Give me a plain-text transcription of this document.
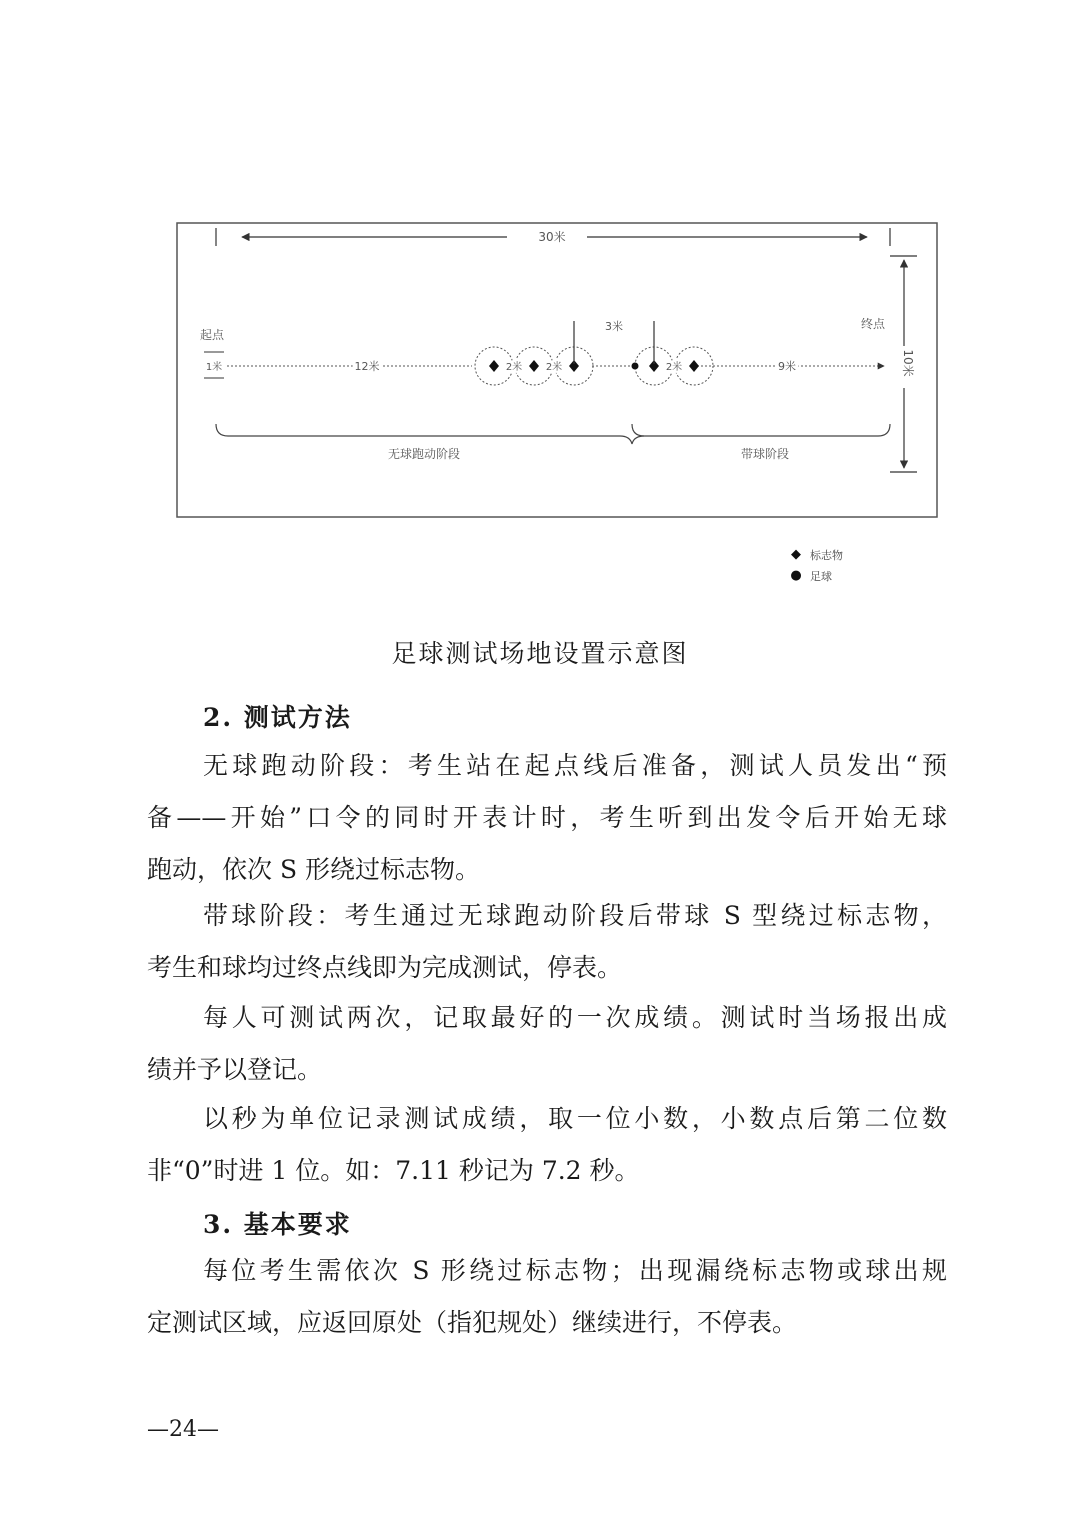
30米
10米
起点
1米
终点
12米	9米
2米 2米	2米
3米
无球跑动阶段	带球阶段
◆ 标志物
● 足球
足球测试场地设置示意图
2. 测试方法
无球跑动阶段：考生站在起点线后准备，测试人员发出“预
备——开始”口令的同时开表计时，考生听到出发令后开始无球
跑动，依次 S 形绕过标志物。
带球阶段：考生通过无球跑动阶段后带球 S 型绕过标志物，
考生和球均过终点线即为完成测试，停表。
每人可测试两次，记取最好的一次成绩。测试时当场报出成
绩并予以登记。
以秒为单位记录测试成绩，取一位小数，小数点后第二位数
非“0”时进 1 位。如：7.11 秒记为 7.2 秒。
3. 基本要求
每位考生需依次 S 形绕过标志物；出现漏绕标志物或球出规
定测试区域，应返回原处（指犯规处）继续进行，不停表。
—24—
